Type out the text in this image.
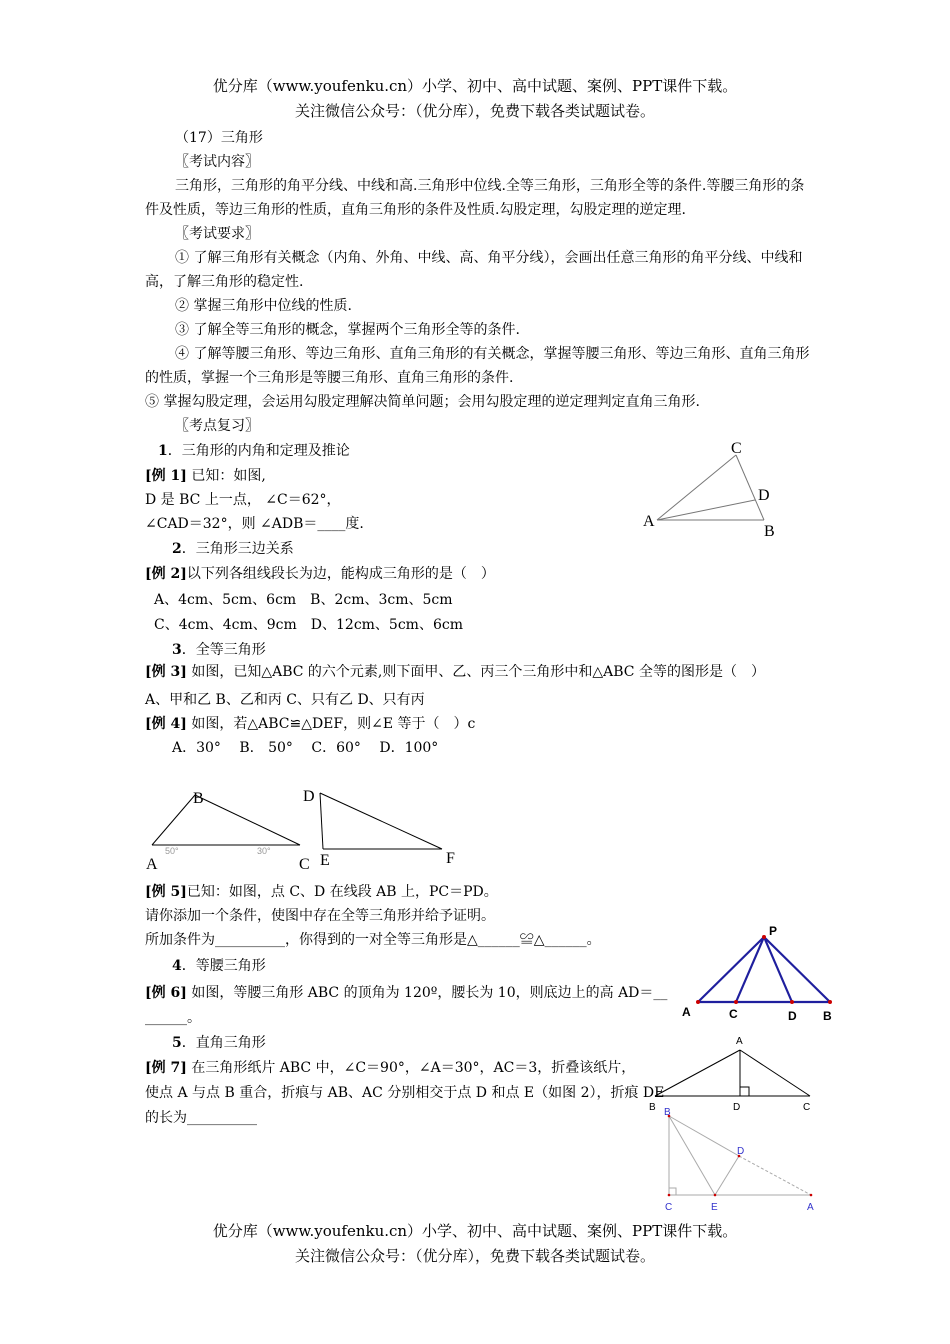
优分库（www.youfenku.cn）小学、初中、高中试题、案例、PPT课件下载。
关注微信公众号：（优分库），免费下载各类试题试卷。
（17）三角形
〖考试内容〗
三角形，三角形的角平分线、中线和高.三角形中位线.全等三角形，三角形全等的条件.等腰三角形的条件及性质，等边三角形的性质，直角三角形的条件及性质.勾股定理，勾股定理的逆定理.
〖考试要求〗
① 了解三角形有关概念（内角、外角、中线、高、角平分线），会画出任意三角形的角平分线、中线和高，了解三角形的稳定性.
② 掌握三角形中位线的性质.
③ 了解全等三角形的概念，掌握两个三角形全等的条件.
④ 了解等腰三角形、等边三角形、直角三角形的有关概念，掌握等腰三角形、等边三角形、直角三角形的性质，掌握一个三角形是等腰三角形、直角三角形的条件.
⑤ 掌握勾股定理，会运用勾股定理解决简单问题；会用勾股定理的逆定理判定直角三角形.
〖考点复习〗
1．三角形的内角和定理及推论
[例 1] 已知：如图,
D 是 BC 上一点， ∠C＝62°，
∠CAD＝32°，则 ∠ADB＝____度.
C
D
A
B
2．三角形三边关系
[例 2]以下列各组线段长为边，能构成三角形的是（　）
A、4cm、5cm、6cm　B、2cm、3cm、5cm
C、4cm、4cm、9cm　D、12cm、5cm、6cm
3．全等三角形
[例 3] 如图，已知△ABC 的六个元素,则下面甲、乙、丙三个三角形中和△ABC 全等的图形是（　）
A、甲和乙 B、乙和丙 C、只有乙 D、只有丙
[例 4] 如图，若△ABC≌△DEF，则∠E 等于（　）c
A．30°　 B.　50°　 C．60°　 D．100°
50°	30°
B
A	C
D
E	F
[例 5]已知：如图，点 C、D 在线段 AB 上，PC＝PD。
请你添加一个条件，使图中存在全等三角形并给予证明。
所加条件为__________，你得到的一对全等三角形是△______≌△______。
P
A	C	D B
4．等腰三角形
[例 6] 如图，等腰三角形 ABC 的顶角为 120º，腰长为 10，则底边上的高 AD＝__
______。
5．直角三角形
[例 7] 在三角形纸片 ABC 中，∠C＝90°，∠A＝30°，AC＝3，折叠该纸片，
使点 A 与点 B 重合，折痕与 AB、AC 分别相交于点 D 和点 E（如图 2），折痕 DE
的长为__________
A
B	D	C
B
D
C	E	A
优分库（www.youfenku.cn）小学、初中、高中试题、案例、PPT课件下载。
关注微信公众号：（优分库），免费下载各类试题试卷。
